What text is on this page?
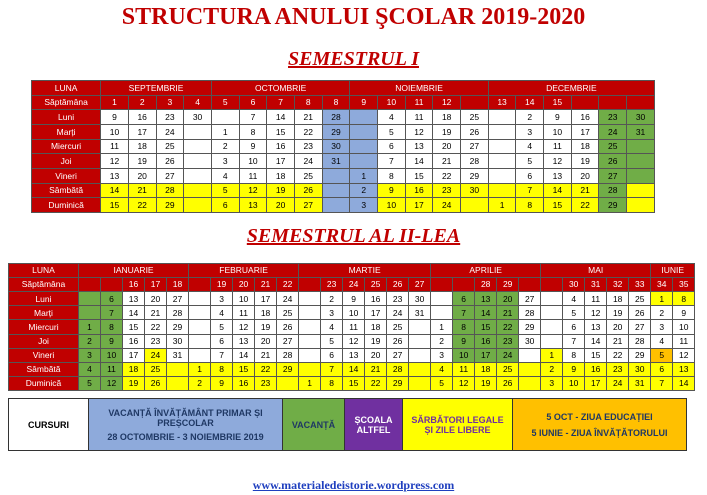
STRUCTURA ANULUI ŞCOLAR 2019-2020
SEMESTRUL I
LUNA	SEPTEMBRIE				OCTOMBRIE					NOIEMBRIE					DECEMBRIE					
Săptămâna	1	2	3	4	5	6	7	8	8	9	10	11	12		13	14	15			
Luni	9	16	23	30		7	14	21	28		4	11	18	25		2	9	16	23	30
Marți	10	17	24		1	8	15	22	29		5	12	19	26		3	10	17	24	31
Miercuri	11	18	25		2	9	16	23	30		6	13	20	27		4	11	18	25	
Joi	12	19	26		3	10	17	24	31		7	14	21	28		5	12	19	26	
Vineri	13	20	27		4	11	18	25		1	8	15	22	29		6	13	20	27	
Sâmbătă	14	21	28		5	12	19	26		2	9	16	23	30		7	14	21	28	
Duminică	15	22	29		6	13	20	27		3	10	17	24		1	8	15	22	29	
SEMESTRUL AL II-LEA
LUNA	IANUARIE					FEBRUARIE					MARTIE						APRILIE					MAI					IUNIE	
Săptămâna			16	17	18		19	20	21	22		23	24	25	26	27			28	29			30	31	32	33	34	35
Luni		6	13	20	27		3	10	17	24		2	9	16	23	30		6	13	20	27		4	11	18	25	1	8
Marți		7	14	21	28		4	11	18	25		3	10	17	24	31		7	14	21	28		5	12	19	26	2	9
Miercuri	1	8	15	22	29		5	12	19	26		4	11	18	25		1	8	15	22	29		6	13	20	27	3	10
Joi	2	9	16	23	30		6	13	20	27		5	12	19	26		2	9	16	23	30		7	14	21	28	4	11
Vineri	3	10	17	24	31		7	14	21	28		6	13	20	27		3	10	17	24		1	8	15	22	29	5	12
Sâmbătă	4	11	18	25		1	8	15	22	29		7	14	21	28		4	11	18	25		2	9	16	23	30	6	13
Duminică	5	12	19	26		2	9	16	23		1	8	15	22	29		5	12	19	26		3	10	17	24	31	7	14
CURSURI
VACANȚĂ ÎNVĂȚĂMÂNT PRIMAR ȘI PREȘCOLAR
28 OCTOMBRIE - 3 NOIEMBRIE 2019
VACANȚĂ	ȘCOALA ALTFEL
SĂRBĂTORI LEGALE ȘI ZILE LIBERE
5 OCT - ZIUA EDUCAȚIEI
5 IUNIE - ZIUA ÎNVĂȚĂTORULUI
www.materialedeistorie.wordpress.com
